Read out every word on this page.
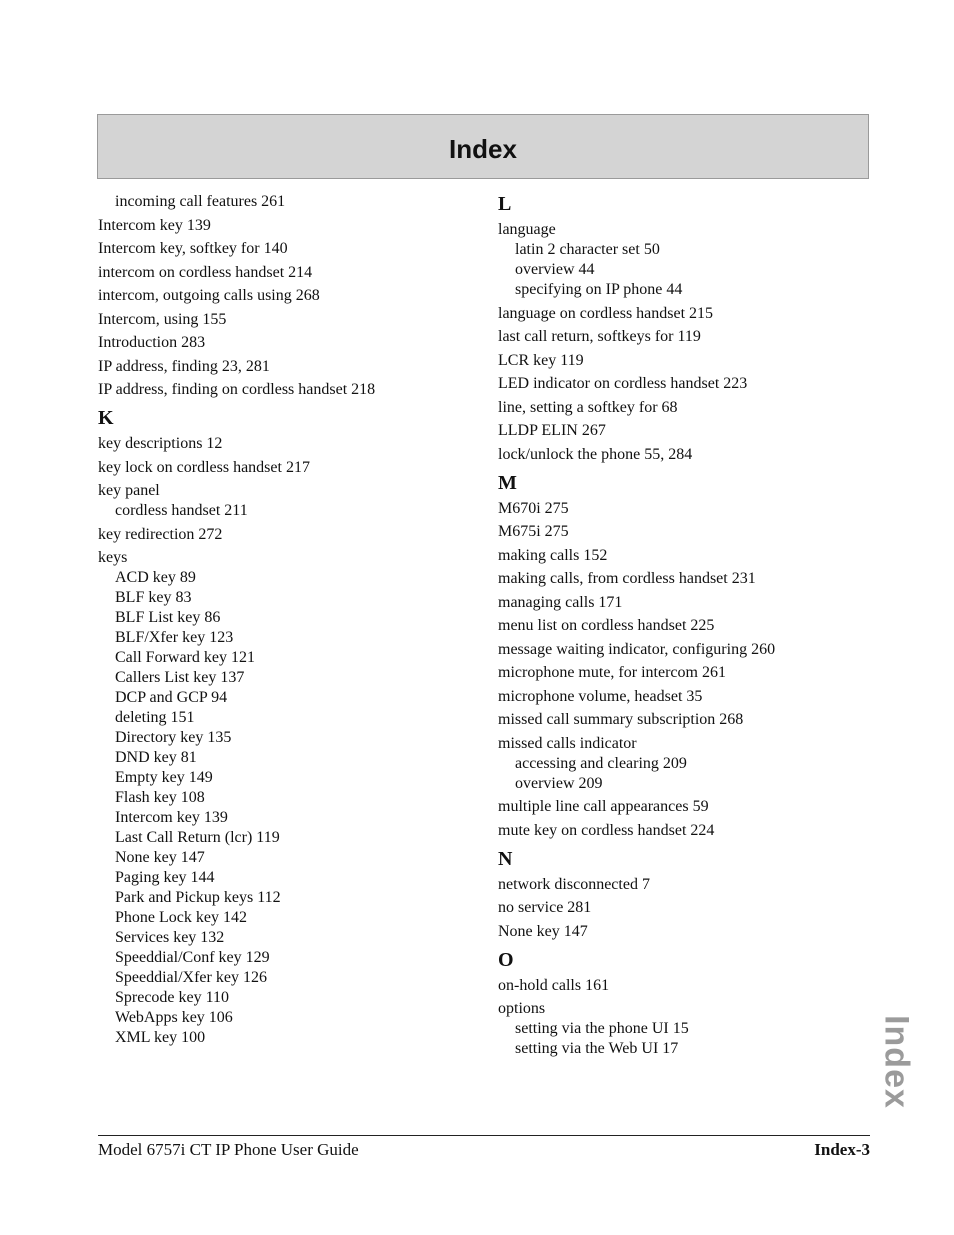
Index
incoming call features 261
Intercom key 139
Intercom key, softkey for 140
intercom on cordless handset 214
intercom, outgoing calls using 268
Intercom, using 155
Introduction 283
IP address, finding 23, 281
IP address, finding on cordless handset 218
K
key descriptions 12
key lock on cordless handset 217
key panel
cordless handset 211
key redirection 272
keys
ACD key 89
BLF key 83
BLF List key 86
BLF/Xfer key 123
Call Forward key 121
Callers List key 137
DCP and GCP 94
deleting 151
Directory key 135
DND key 81
Empty key 149
Flash key 108
Intercom key 139
Last Call Return (lcr) 119
None key 147
Paging key 144
Park and Pickup keys 112
Phone Lock key 142
Services key 132
Speeddial/Conf key 129
Speeddial/Xfer key 126
Sprecode key 110
WebApps key 106
XML key 100
L
language
latin 2 character set 50
overview 44
specifying on IP phone 44
language on cordless handset 215
last call return, softkeys for 119
LCR key 119
LED indicator on cordless handset 223
line, setting a softkey for 68
LLDP ELIN 267
lock/unlock the phone 55, 284
M
M670i 275
M675i 275
making calls 152
making calls, from cordless handset 231
managing calls 171
menu list on cordless handset 225
message waiting indicator, configuring 260
microphone mute, for intercom 261
microphone volume, headset 35
missed call summary subscription 268
missed calls indicator
accessing and clearing 209
overview 209
multiple line call appearances 59
mute key on cordless handset 224
N
network disconnected 7
no service 281
None key 147
O
on-hold calls 161
options
setting via the phone UI 15
setting via the Web UI 17	Index
Model 6757i CT IP Phone User Guide	Index-3
